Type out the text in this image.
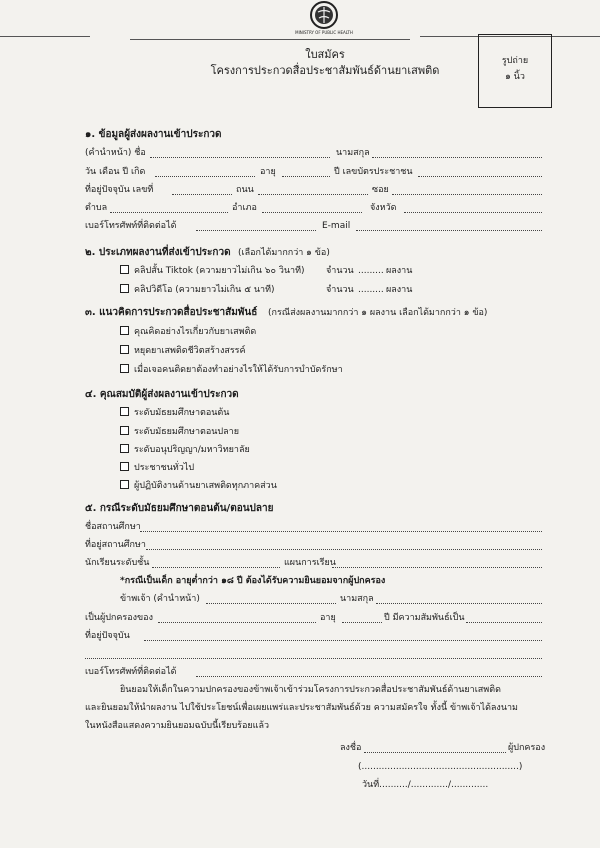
MINISTRY OF PUBLIC HEALTH
ใบสมัคร
โครงการประกวดสื่อประชาสัมพันธ์ด้านยาเสพติด
รูปถ่าย
๑ นิ้ว
๑. ข้อมูลผู้ส่งผลงานเข้าประกวด
(คำนำหน้า) ชื่อ	นามสกุล
วัน เดือน ปี เกิด	อายุ	ปี เลขบัตรประชาชน
ที่อยู่ปัจจุบัน เลขที่	ถนน	ซอย
ตำบล	อำเภอ	จังหวัด
เบอร์โทรศัพท์ที่ติดต่อได้	E-mail
๒. ประเภทผลงานที่ส่งเข้าประกวด (เลือกได้มากกว่า ๑ ข้อ)
คลิปสั้น Tiktok (ความยาวไม่เกิน ๖๐ วินาที) จำนวน ......... ผลงาน
คลิปวิดีโอ (ความยาวไม่เกิน ๕ นาที)	จำนวน ......... ผลงาน
๓. แนวคิดการประกวดสื่อประชาสัมพันธ์ (กรณีส่งผลงานมากกว่า ๑ ผลงาน เลือกได้มากกว่า ๑ ข้อ)
คุณคิดอย่างไรเกี่ยวกับยาเสพติด
หยุดยาเสพติดชีวิตสร้างสรรค์
เมื่อเจอคนติดยาต้องทำอย่างไรให้ได้รับการบำบัดรักษา
๔. คุณสมบัติผู้ส่งผลงานเข้าประกวด
ระดับมัธยมศึกษาตอนต้น
ระดับมัธยมศึกษาตอนปลาย
ระดับอนุปริญญา/มหาวิทยาลัย
ประชาชนทั่วไป
ผู้ปฏิบัติงานด้านยาเสพติดทุกภาคส่วน
๕. กรณีระดับมัธยมศึกษาตอนต้น/ตอนปลาย
ชื่อสถานศึกษา
ที่อยู่สถานศึกษา
นักเรียนระดับชั้น	แผนการเรียน
*กรณีเป็นเด็ก อายุต่ำกว่า ๑๘ ปี ต้องได้รับความยินยอมจากผู้ปกครอง
ข้าพเจ้า (คำนำหน้า)	นามสกุล
เป็นผู้ปกครองของ	อายุ	ปี มีความสัมพันธ์เป็น
ที่อยู่ปัจจุบัน
เบอร์โทรศัพท์ที่ติดต่อได้
ยินยอมให้เด็กในความปกครองของข้าพเจ้าเข้าร่วมโครงการประกวดสื่อประชาสัมพันธ์ด้านยาเสพติด
และยินยอมให้นำผลงาน ไปใช้ประโยชน์เพื่อเผยแพร่และประชาสัมพันธ์ด้วย ความสมัครใจ ทั้งนี้ ข้าพเจ้าได้ลงนาม
ในหนังสือแสดงความยินยอมฉบับนี้เรียบร้อยแล้ว
ลงชื่อ	ผู้ปกครอง
(.......................................................)
วันที่........../............./.............
